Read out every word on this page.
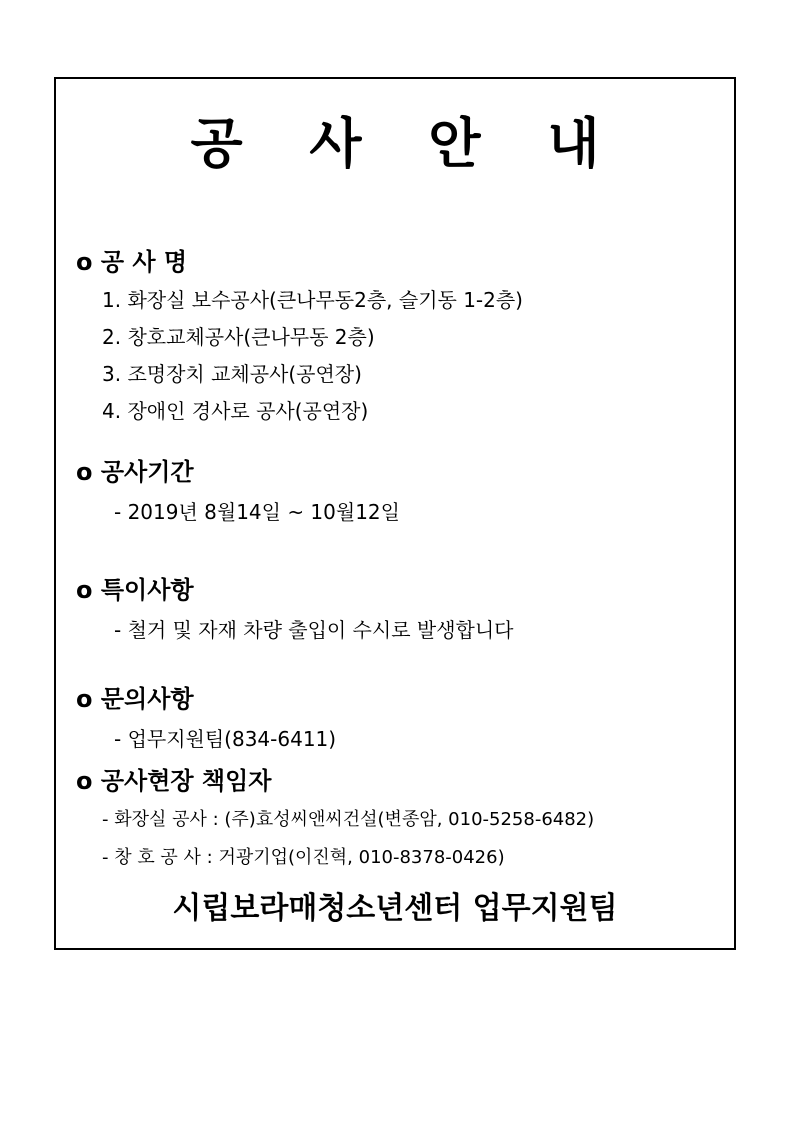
공 사 안 내
o 공 사 명
1. 화장실 보수공사(큰나무동2층, 슬기동 1-2층)
2. 창호교체공사(큰나무동 2층)
3. 조명장치 교체공사(공연장)
4. 장애인 경사로 공사(공연장)
o 공사기간
- 2019년 8월14일 ~ 10월12일
o 특이사항
- 철거 및 자재 차량 출입이 수시로 발생합니다
o 문의사항
- 업무지원팀(834-6411)
o 공사현장 책임자
- 화장실 공사 : (주)효성씨앤씨건설(변종암, 010-5258-6482)
- 창 호 공 사 : 거광기업(이진혁, 010-8378-0426)
시립보라매청소년센터 업무지원팀
